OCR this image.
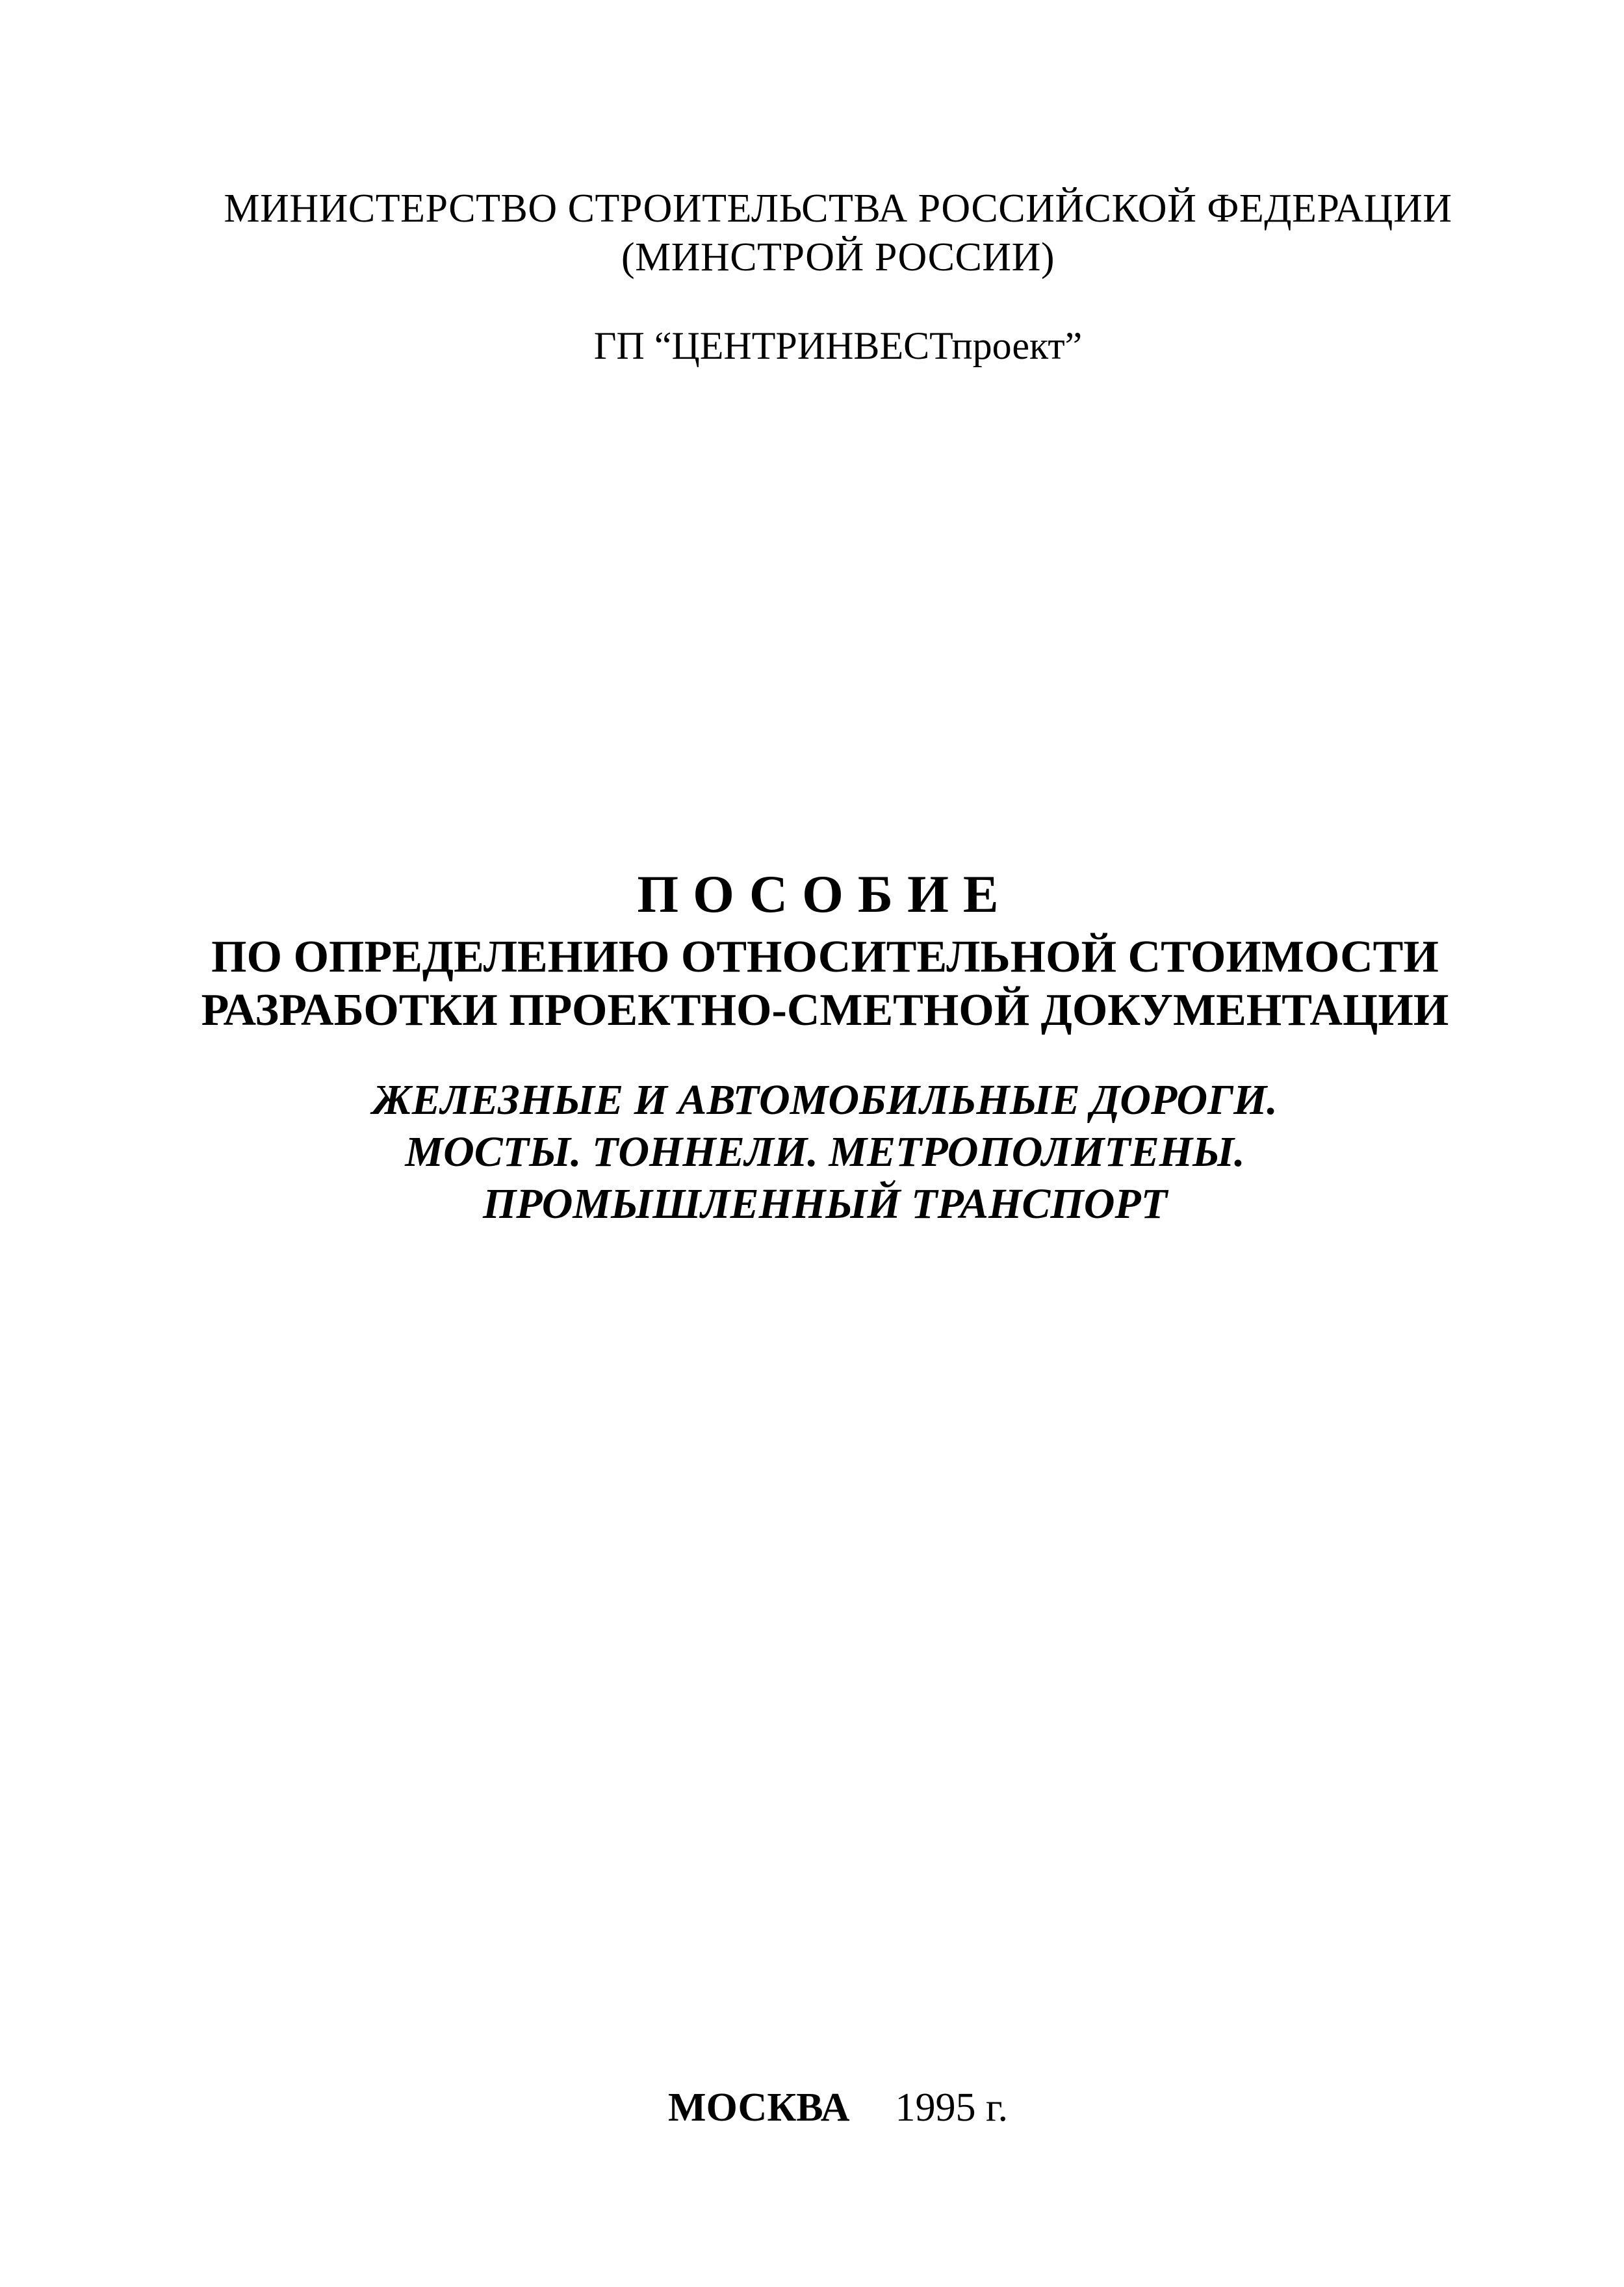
МИНИСТЕРСТВО СТРОИТЕЛЬСТВА РОССИЙСКОЙ ФЕДЕРАЦИИ
(МИНСТРОЙ РОССИИ)
ГП “ЦЕНТРИНВЕСТпроект”
ПОСОБИЕ
ПО ОПРЕДЕЛЕНИЮ ОТНОСИТЕЛЬНОЙ СТОИМОСТИ
РАЗРАБОТКИ ПРОЕКТНО-СМЕТНОЙ ДОКУМЕНТАЦИИ
ЖЕЛЕЗНЫЕ И АВТОМОБИЛЬНЫЕ ДОРОГИ.
МОСТЫ. ТОННЕЛИ. МЕТРОПОЛИТЕНЫ.
ПРОМЫШЛЕННЫЙ ТРАНСПОРТ
МОСКВА 1995 г.
